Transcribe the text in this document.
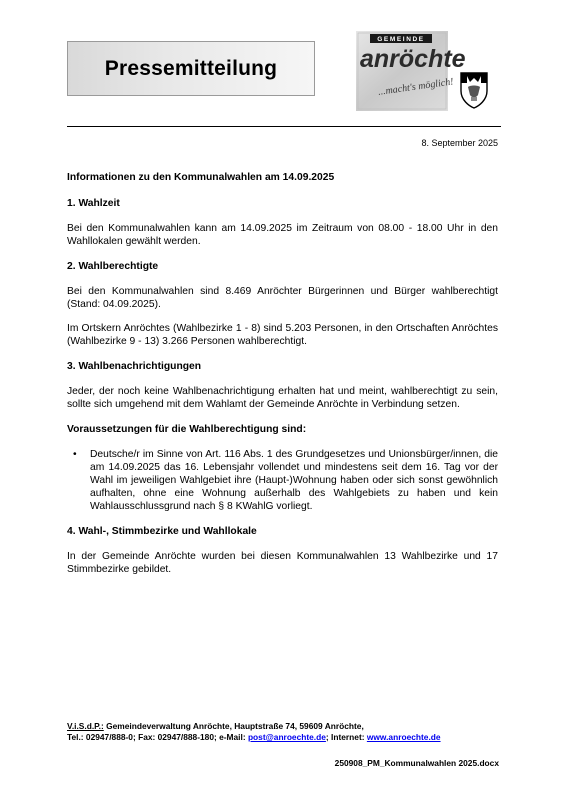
Pressemitteilung
GEMEINDE
anröchte
...macht's möglich!
8. September 2025

Informationen zu den Kommunalwahlen am 14.09.2025

1. Wahlzeit

Bei den Kommunalwahlen kann am 14.09.2025 im Zeitraum von 08.00 - 18.00 Uhr in den Wahllokalen gewählt werden.

2. Wahlberechtigte

Bei den Kommunalwahlen sind 8.469 Anröchter Bürgerinnen und Bürger wahlberechtigt (Stand: 04.09.2025).

Im Ortskern Anröchtes (Wahlbezirke 1 - 8) sind 5.203 Personen, in den Ortschaften Anröchtes (Wahlbezirke 9 - 13) 3.266 Personen wahlberechtigt.

3. Wahlbenachrichtigungen

Jeder, der noch keine Wahlbenachrichtigung erhalten hat und meint, wahlberechtigt zu sein, sollte sich umgehend mit dem Wahlamt der Gemeinde Anröchte in Verbindung setzen.

Voraussetzungen für die Wahlberechtigung sind:

• Deutsche/r im Sinne von Art. 116 Abs. 1 des Grundgesetzes und Unionsbürger/innen, die am 14.09.2025 das 16. Lebensjahr vollendet und mindestens seit dem 16. Tag vor der Wahl im jeweiligen Wahlgebiet ihre (Haupt-)Wohnung haben oder sich sonst gewöhnlich aufhalten, ohne eine Wohnung außerhalb des Wahlgebiets zu haben und kein Wahlausschlussgrund nach § 8 KWahlG vorliegt.

4. Wahl-, Stimmbezirke und Wahllokale

In der Gemeinde Anröchte wurden bei diesen Kommunalwahlen 13 Wahlbezirke und 17 Stimmbezirke gebildet.

V.i.S.d.P.: Gemeindeverwaltung Anröchte, Hauptstraße 74, 59609 Anröchte,
Tel.: 02947/888-0; Fax: 02947/888-180; e-Mail: post@anroechte.de; Internet: www.anroechte.de
250908_PM_Kommunalwahlen 2025.docx
